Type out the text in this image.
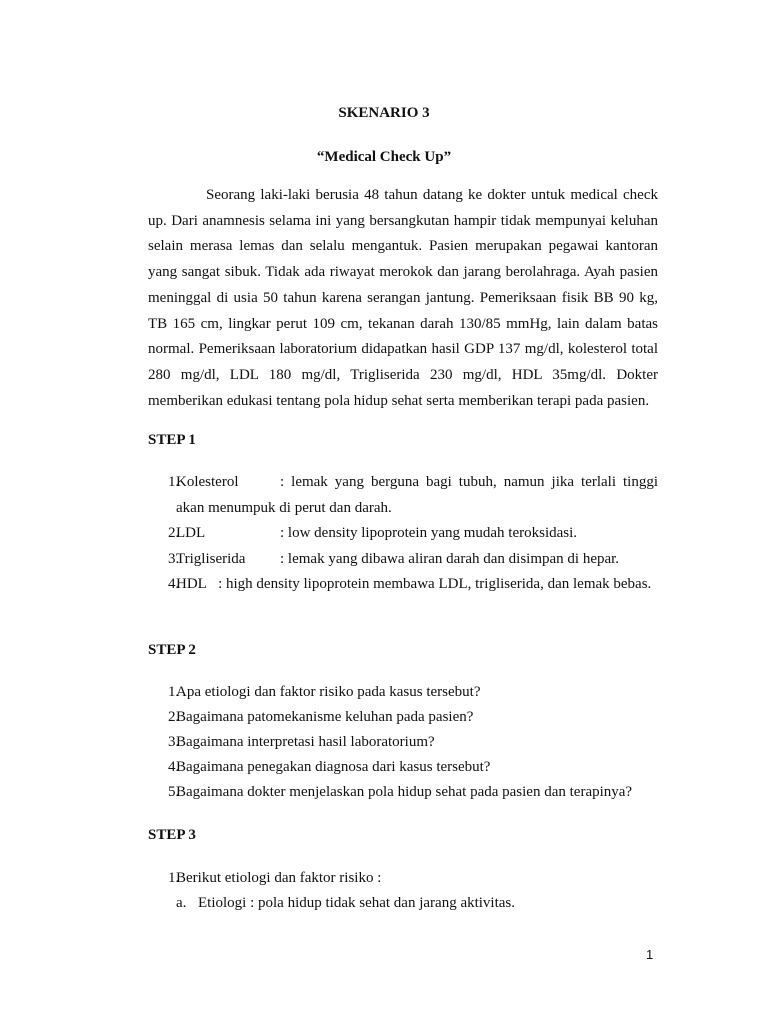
SKENARIO 3
“Medical Check Up”

Seorang laki-laki berusia 48 tahun datang ke dokter untuk medical check up. Dari anamnesis selama ini yang bersangkutan hampir tidak mempunyai keluhan selain merasa lemas dan selalu mengantuk. Pasien merupakan pegawai kantoran yang sangat sibuk. Tidak ada riwayat merokok dan jarang berolahraga. Ayah pasien meninggal di usia 50 tahun karena serangan jantung. Pemeriksaan fisik BB 90 kg, TB 165 cm, lingkar perut 109 cm, tekanan darah 130/85 mmHg, lain dalam batas normal. Pemeriksaan laboratorium didapatkan hasil GDP 137 mg/dl, kolesterol total 280 mg/dl, LDL 180 mg/dl, Trigliserida 230 mg/dl, HDL 35mg/dl. Dokter memberikan edukasi tentang pola hidup sehat serta memberikan terapi pada pasien.

STEP 1

1.
Kolesterol	: lemak yang berguna bagi tubuh, namun jika terlali tinggi akan menumpuk di perut dan darah.
2.
LDL	: low density lipoprotein yang mudah teroksidasi.
3.
Trigliserida : lemak yang dibawa aliran darah dan disimpan di hepar.
4.
HDL : high density lipoprotein membawa LDL, trigliserida, dan lemak bebas.

STEP 2

1.
Apa etiologi dan faktor risiko pada kasus tersebut?
2.
Bagaimana patomekanisme keluhan pada pasien?
3.
Bagaimana interpretasi hasil laboratorium?
4.
Bagaimana penegakan diagnosa dari kasus tersebut?
5.
Bagaimana dokter menjelaskan pola hidup sehat pada pasien dan terapinya?

STEP 3

1.
Berikut etiologi dan faktor risiko :
a. Etiologi : pola hidup tidak sehat dan jarang aktivitas.
1
